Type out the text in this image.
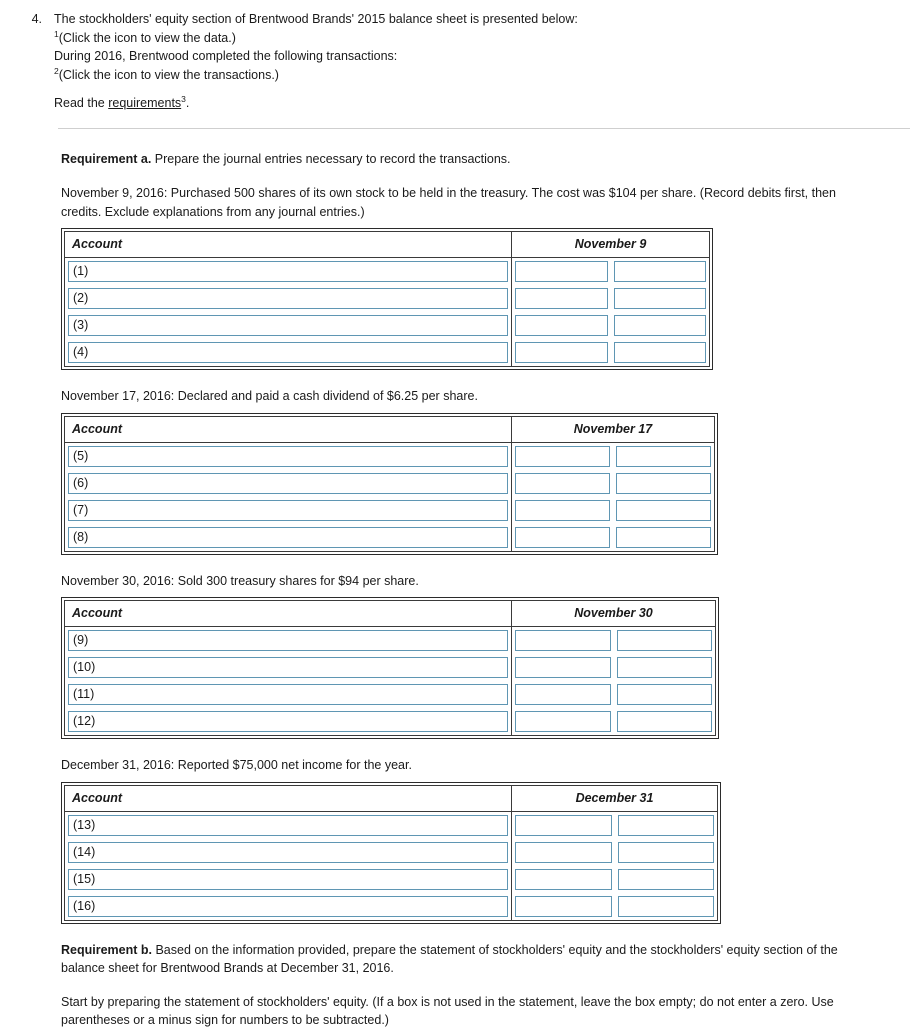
4. The stockholders' equity section of Brentwood Brands' 2015 balance sheet is presented below:

$^1$(Click the icon to view the data.)

During 2016, Brentwood completed the following transactions:

$^2$(Click the icon to view the transactions.)

Read the requirements$^3$.

Requirement a. Prepare the journal entries necessary to record the transactions.

November 9, 2016: Purchased 500 shares of its own stock to be held in the treasury. The cost was $104 per share. (Record debits first, then credits. Exclude explanations from any journal entries.)

Account	November 9
(1)
(2)
(3)
(4)

November 17, 2016: Declared and paid a cash dividend of $6.25 per share.

Account	November 17
(5)
(6)
(7)
(8)

November 30, 2016: Sold 300 treasury shares for $94 per share.

Account	November 30
(9)
(10)
(11)
(12)

December 31, 2016: Reported $75,000 net income for the year.

Account	December 31
(13)
(14)
(15)
(16)

Requirement b. Based on the information provided, prepare the statement of stockholders' equity and the stockholders' equity section of the balance sheet for Brentwood Brands at December 31, 2016.

Start by preparing the statement of stockholders' equity. (If a box is not used in the statement, leave the box empty; do not enter a zero. Use parentheses or a minus sign for numbers to be subtracted.)
